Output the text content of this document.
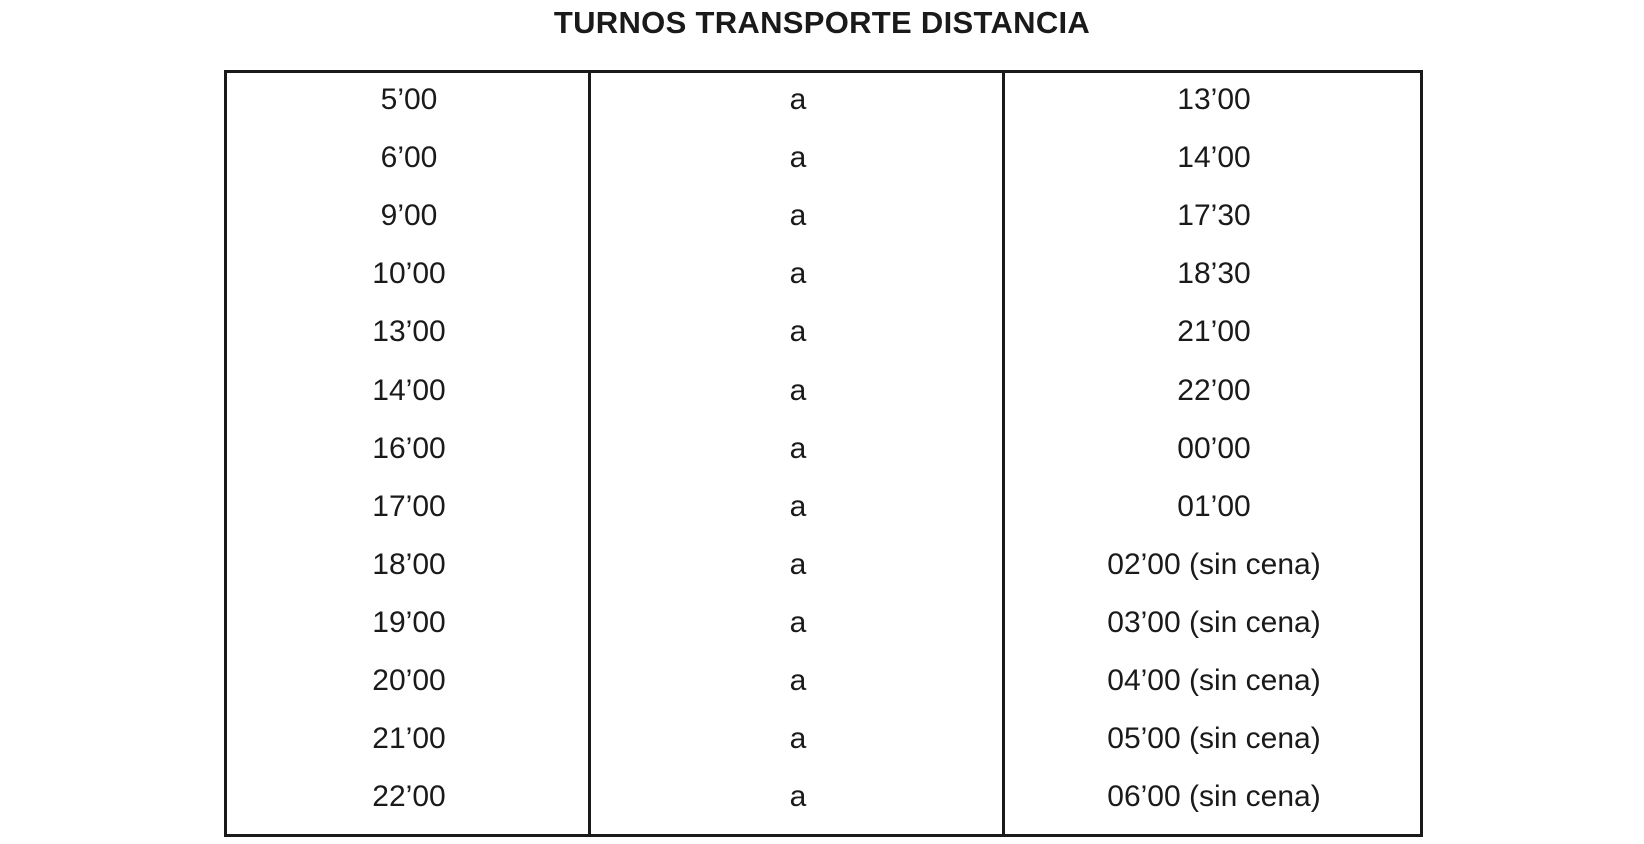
TURNOS TRANSPORTE DISTANCIA
5’00	a	13’00
6’00	a	14’00
9’00	a	17’30
10’00	a	18’30
13’00	a	21’00
14’00	a	22’00
16’00	a	00’00
17’00	a	01’00
18’00	a	02’00 (sin cena)
19’00	a	03’00 (sin cena)
20’00	a	04’00 (sin cena)
21’00	a	05’00 (sin cena)
22’00	a	06’00 (sin cena)
